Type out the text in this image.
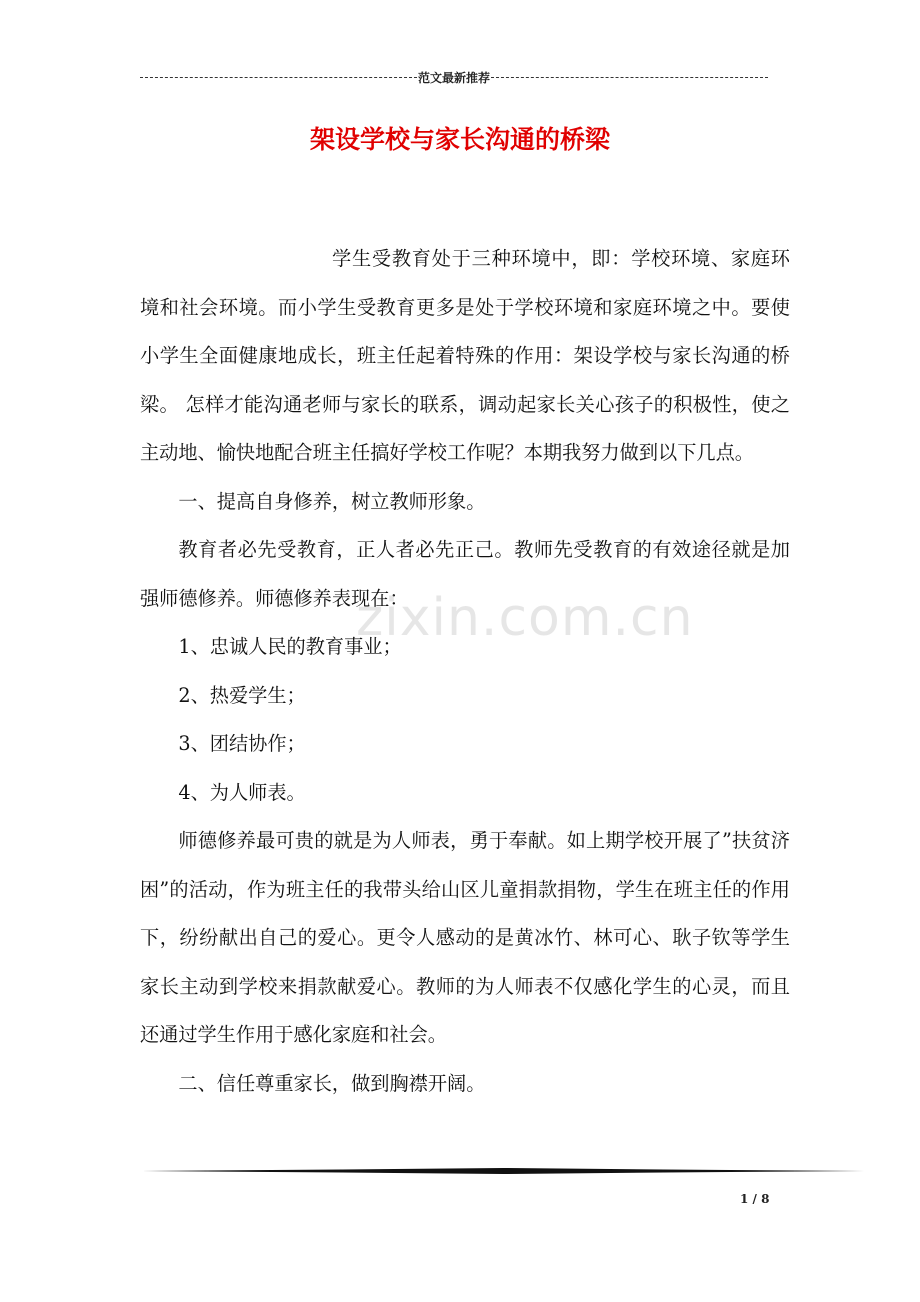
范文最新推荐
架设学校与家长沟通的桥梁

学生受教育处于三种环境中，即：学校环境、家庭环境和社会环境。而小学生受教育更多是处于学校环境和家庭环境之中。要使小学生全面健康地成长，班主任起着特殊的作用：架设学校与家长沟通的桥梁。 怎样才能沟通老师与家长的联系，调动起家长关心孩子的积极性，使之主动地、愉快地配合班主任搞好学校工作呢？本期我努力做到以下几点。

一、提高自身修养，树立教师形象。

教育者必先受教育，正人者必先正己。教师先受教育的有效途径就是加强师德修养。师德修养表现在：

1、忠诚人民的教育事业；

2、热爱学生；

3、团结协作；

4、为人师表。

师德修养最可贵的就是为人师表，勇于奉献。如上期学校开展了”扶贫济困”的活动，作为班主任的我带头给山区儿童捐款捐物，学生在班主任的作用下，纷纷献出自己的爱心。更令人感动的是黄冰竹、林可心、耿子钦等学生家长主动到学校来捐款献爱心。教师的为人师表不仅感化学生的心灵，而且还通过学生作用于感化家庭和社会。

二、信任尊重家长，做到胸襟开阔。

zixin.com.cn
1 / 8
